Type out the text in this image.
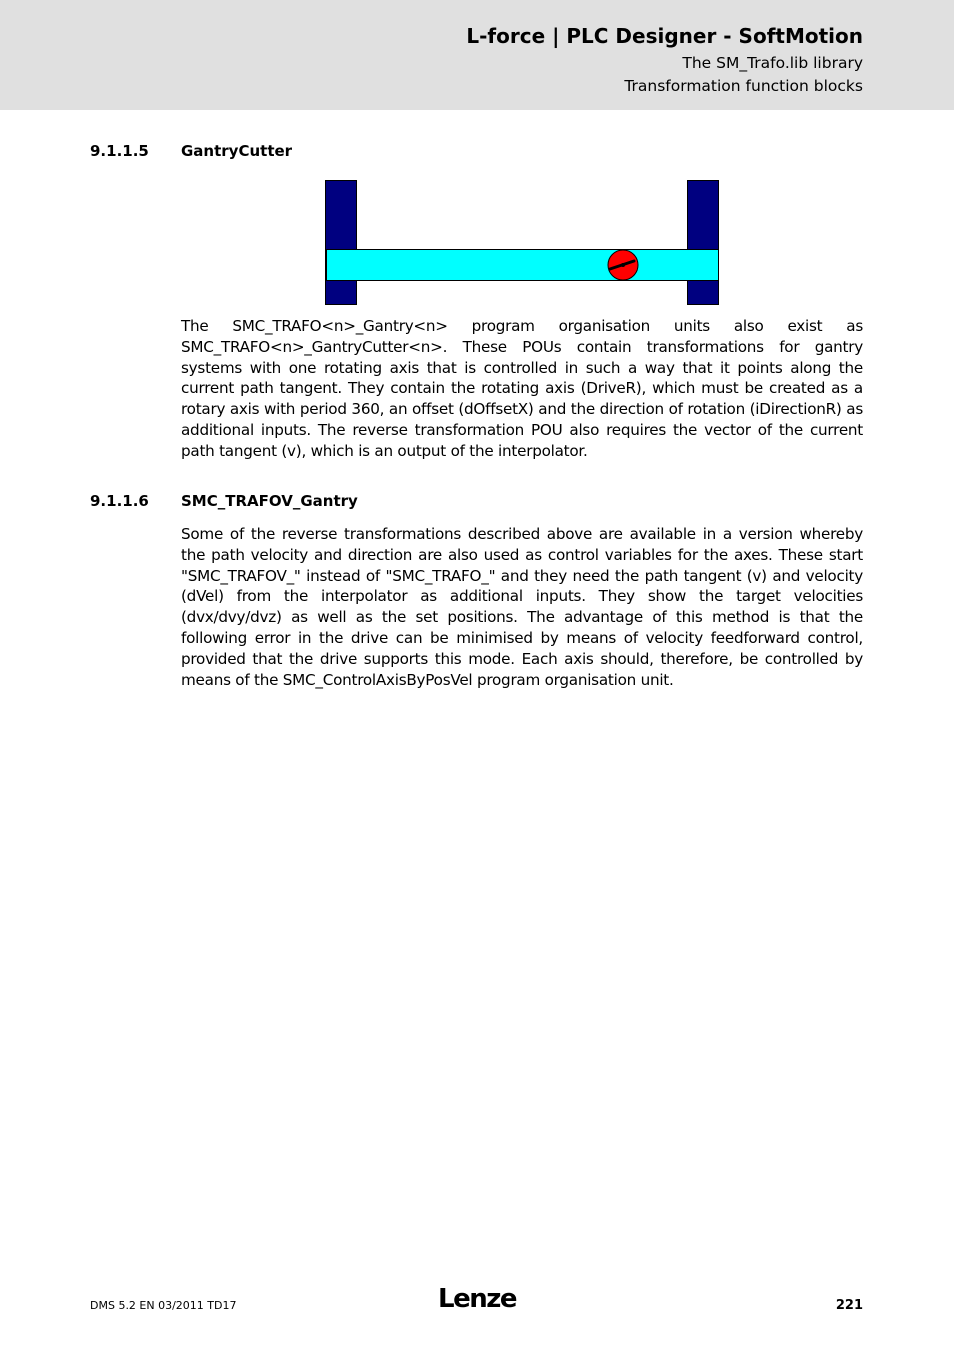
L-force | PLC Designer - SoftMotion
The SM_Trafo.lib library
Transformation function blocks
9.1.1.5 GantryCutter
The SMC_TRAFO<n>_Gantry<n> program organisation units also exist as SMC_TRAFO<n>_GantryCutter<n>. These POUs contain transformations for gantry systems with one rotating axis that is controlled in such a way that it points along the current path tangent. They contain the rotating axis (DriveR), which must be created as a rotary axis with period 360, an offset (dOffsetX) and the direction of rotation (iDirectionR) as additional inputs. The reverse transformation POU also requires the vector of the current path tangent (v), which is an output of the interpolator.
9.1.1.6 SMC_TRAFOV_Gantry
Some of the reverse transformations described above are available in a version whereby the path velocity and direction are also used as control variables for the axes. These start "SMC_TRAFOV_" instead of "SMC_TRAFO_" and they need the path tangent (v) and velocity (dVel) from the interpolator as additional inputs. They show the target velocities (dvx/dvy/dvz) as well as the set positions. The advantage of this method is that the following error in the drive can be minimised by means of velocity feedforward control, provided that the drive supports this mode. Each axis should, therefore, be controlled by means of the SMC_ControlAxisByPosVel program organisation unit.
DMS 5.2 EN 03/2011 TD17	Lenze	221
